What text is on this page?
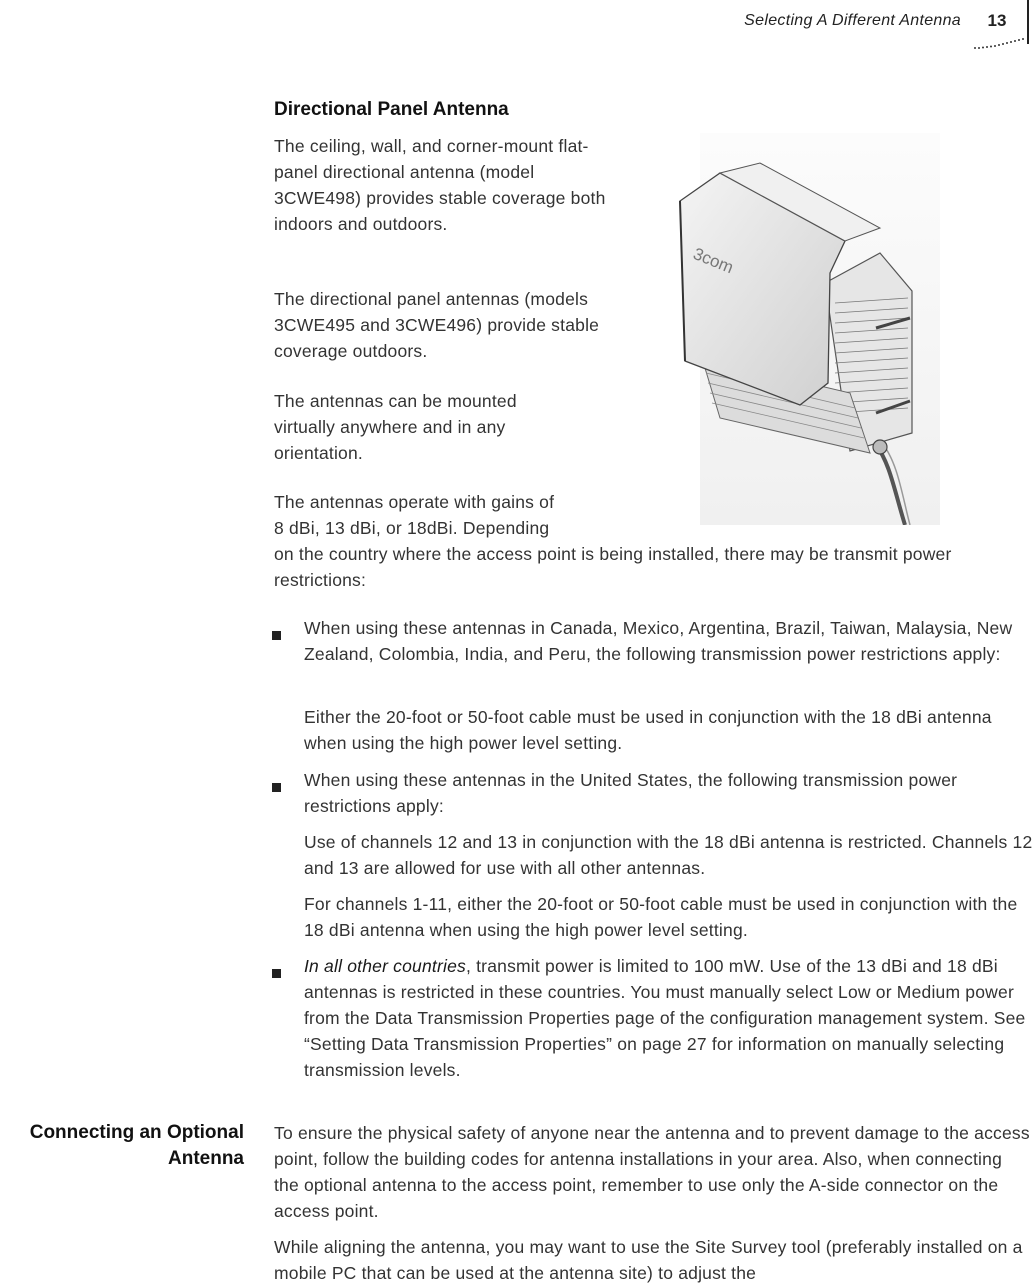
Selecting A Different Antenna	13
Directional Panel Antenna

The ceiling, wall, and corner-mount flat-panel directional antenna (model 3CWE498) provides stable coverage both indoors and outdoors.

The directional panel antennas (models 3CWE495 and 3CWE496) provide stable coverage outdoors.

The antennas can be mounted virtually anywhere and in any orientation.

The antennas operate with gains of

8 dBi, 13 dBi, or 18dBi. Depending

on the country where the access point is being installed, there may be transmit power restrictions:

3com

When using these antennas in Canada, Mexico, Argentina, Brazil, Taiwan, Malaysia, New Zealand, Colombia, India, and Peru, the following transmission power restrictions apply:

Either the 20-foot or 50-foot cable must be used in conjunction with the 18 dBi antenna when using the high power level setting.

When using these antennas in the United States, the following transmission power restrictions apply:

Use of channels 12 and 13 in conjunction with the 18 dBi antenna is restricted. Channels 12 and 13 are allowed for use with all other antennas.

For channels 1-11, either the 20-foot or 50-foot cable must be used in conjunction with the 18 dBi antenna when using the high power level setting.

In all other countries, transmit power is limited to 100 mW. Use of the 13 dBi and 18 dBi antennas is restricted in these countries. You must manually select Low or Medium power from the Data Transmission Properties page of the configuration management system. See “Setting Data Transmission Properties” on page 27 for information on manually selecting transmission levels.

Connecting an Optional
Antenna

To ensure the physical safety of anyone near the antenna and to prevent damage to the access point, follow the building codes for antenna installations in your area. Also, when connecting the optional antenna to the access point, remember to use only the A-side connector on the access point.

While aligning the antenna, you may want to use the Site Survey tool (preferably installed on a mobile PC that can be used at the antenna site) to adjust the
